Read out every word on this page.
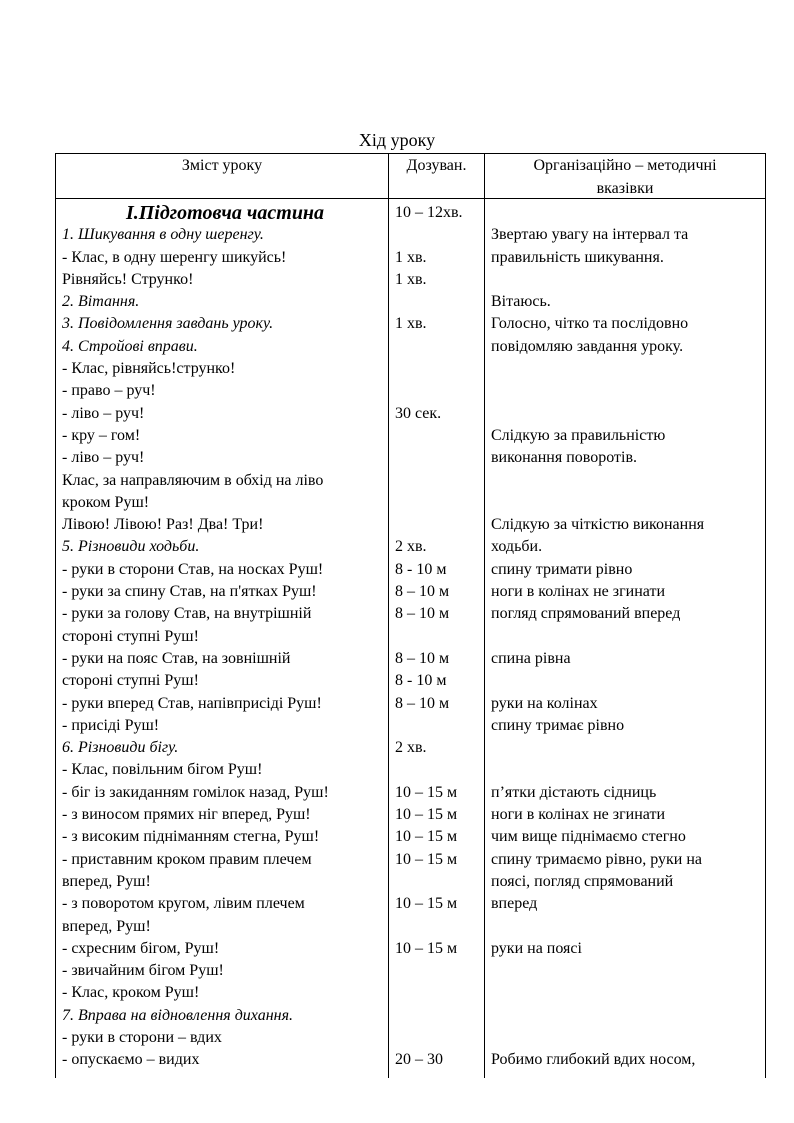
Хід уроку
Зміст уроку	Дозуван.	Організаційно – методичні
вказівки
І.Підготовча частина
1. Шикування в одну шеренгу.
- Клас, в одну шеренгу шикуйсь!
Рівняйсь! Струнко!
2. Вітання.
3. Повідомлення завдань уроку.
4. Стройові вправи.
- Клас, рівняйсь!струнко!
- право – руч!
- ліво – руч!
- кру – гом!
- ліво – руч!
Клас, за направляючим в обхід на ліво
кроком Руш!
Лівою! Лівою! Раз! Два! Три!
5. Різновиди ходьби.
- руки в сторони Став, на носках Руш!
- руки за спину Став, на п'ятках Руш!
- руки за голову Став, на внутрішній
стороні ступні Руш!
- руки на пояс Став, на зовнішній
стороні ступні Руш!
- руки вперед Став, напівприсіді Руш!
- присіді Руш!
6. Різновиди бігу.
- Клас, повільним бігом Руш!
- біг із закиданням гомілок назад, Руш!
- з виносом прямих ніг вперед, Руш!
- з високим підніманням стегна, Руш!
- приставним кроком правим плечем
вперед, Руш!
- з поворотом кругом, лівим плечем
вперед, Руш!
- схресним бігом, Руш!
- звичайним бігом Руш!
- Клас, кроком Руш!
7. Вправа на відновлення дихання.
- руки в сторони – вдих
- опускаємо – видих
10 – 12хв.
1 хв.
1 хв.
1 хв.
30 сек.
2 хв.
8 - 10 м
8 – 10 м
8 – 10 м
8 – 10 м
8 - 10 м
8 – 10 м
2 хв.
10 – 15 м
10 – 15 м
10 – 15 м
10 – 15 м
10 – 15 м
10 – 15 м
20 – 30
Звертаю увагу на інтервал та
правильність шикування.
Вітаюсь.
Голосно, чітко та послідовно
повідомляю завдання уроку.
Слідкую за правильністю
виконання поворотів.
Слідкую за чіткістю виконання
ходьби.
спину тримати рівно
ноги в колінах не згинати
погляд спрямований вперед
спина рівна
руки на колінах
спину тримає рівно
пʼятки дістають сідниць
ноги в колінах не згинати
чим вище піднімаємо стегно
спину тримаємо рівно, руки на
поясі, погляд спрямований
вперед
руки на поясі
Робимо глибокий вдих носом,
